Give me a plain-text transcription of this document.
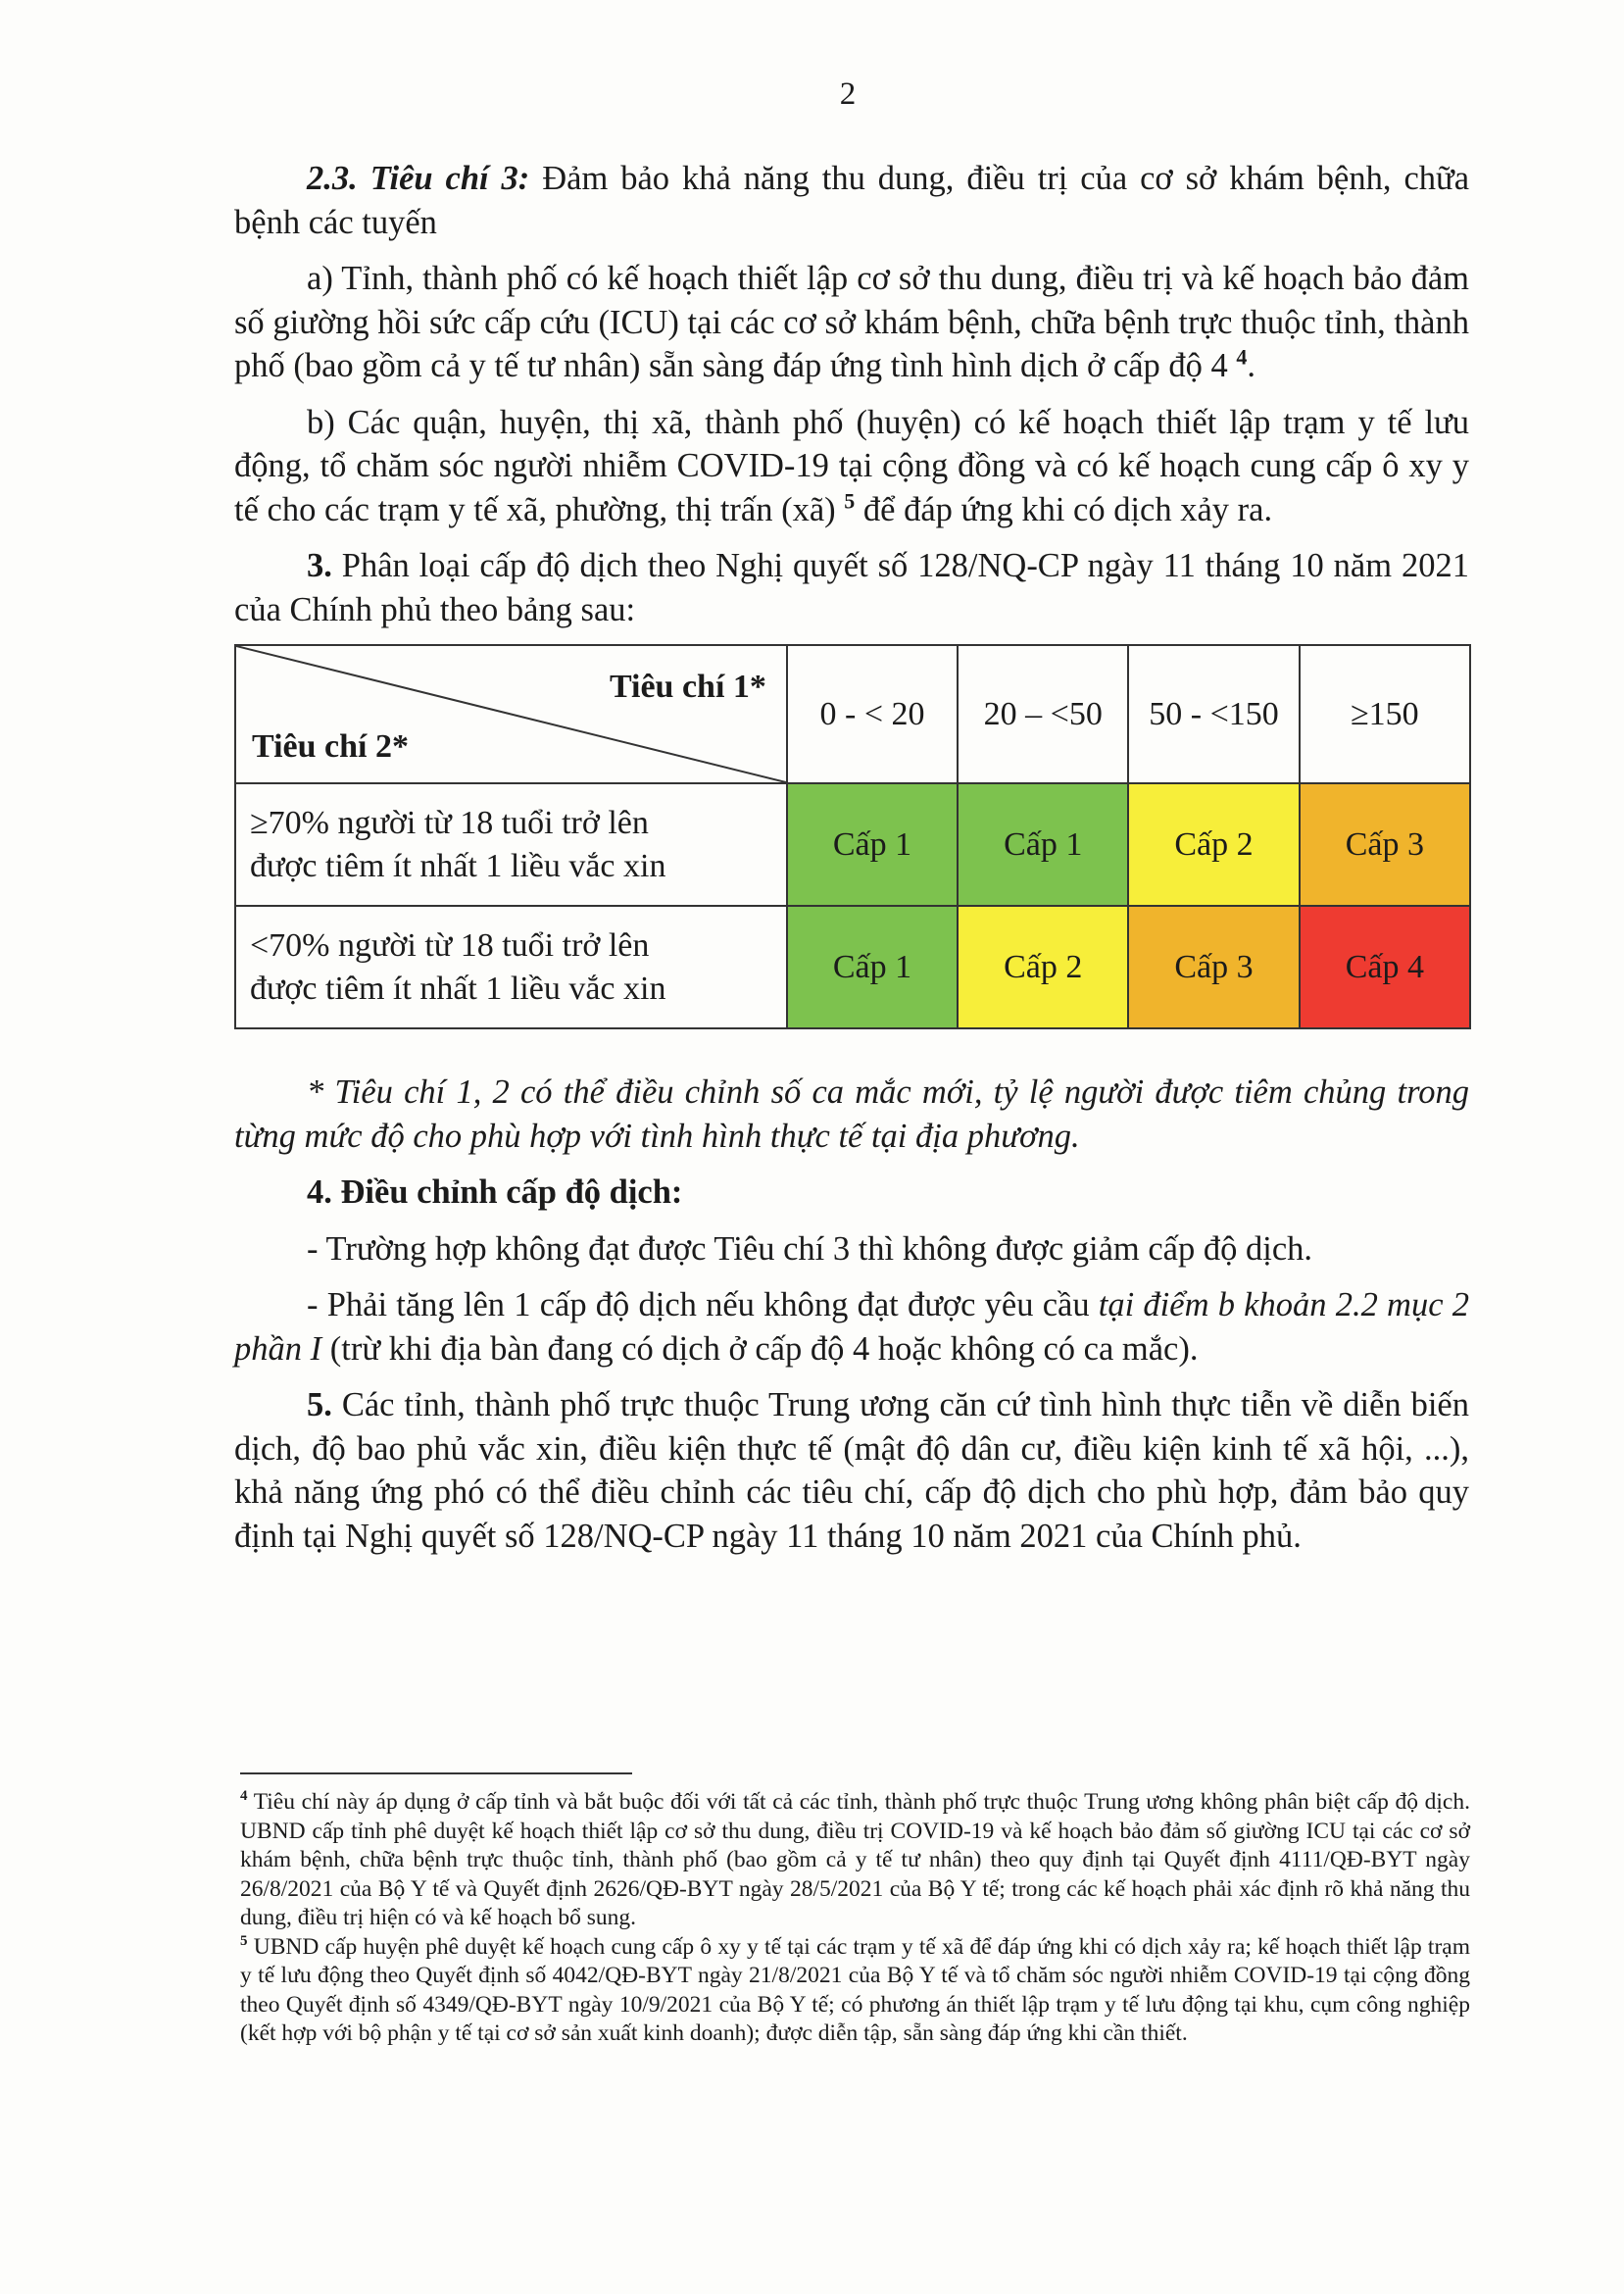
2

2.3. Tiêu chí 3: Đảm bảo khả năng thu dung, điều trị của cơ sở khám bệnh, chữa bệnh các tuyến

a) Tỉnh, thành phố có kế hoạch thiết lập cơ sở thu dung, điều trị và kế hoạch bảo đảm số giường hồi sức cấp cứu (ICU) tại các cơ sở khám bệnh, chữa bệnh trực thuộc tỉnh, thành phố (bao gồm cả y tế tư nhân) sẵn sàng đáp ứng tình hình dịch ở cấp độ 4 $^4$.

b) Các quận, huyện, thị xã, thành phố (huyện) có kế hoạch thiết lập trạm y tế lưu động, tổ chăm sóc người nhiễm COVID-19 tại cộng đồng và có kế hoạch cung cấp ô xy y tế cho các trạm y tế xã, phường, thị trấn (xã) $^5$ để đáp ứng khi có dịch xảy ra.

3. Phân loại cấp độ dịch theo Nghị quyết số 128/NQ-CP ngày 11 tháng 10 năm 2021 của Chính phủ theo bảng sau:

Tiêu chí 1*
Tiêu chí 2*	0 - < 20	20 – <50	50 - <150	≥150

≥70% người từ 18 tuổi trở lên
được tiêm ít nhất 1 liều vắc xin	Cấp 1	Cấp 1	Cấp 2	Cấp 3

<70% người từ 18 tuổi trở lên
được tiêm ít nhất 1 liều vắc xin	Cấp 1	Cấp 2	Cấp 3	Cấp 4

* Tiêu chí 1, 2 có thể điều chỉnh số ca mắc mới, tỷ lệ người được tiêm chủng trong từng mức độ cho phù hợp với tình hình thực tế tại địa phương.

4. Điều chỉnh cấp độ dịch:

- Trường hợp không đạt được Tiêu chí 3 thì không được giảm cấp độ dịch.

- Phải tăng lên 1 cấp độ dịch nếu không đạt được yêu cầu tại điểm b khoản 2.2 mục 2 phần I (trừ khi địa bàn đang có dịch ở cấp độ 4 hoặc không có ca mắc).

5. Các tỉnh, thành phố trực thuộc Trung ương căn cứ tình hình thực tiễn về diễn biến dịch, độ bao phủ vắc xin, điều kiện thực tế (mật độ dân cư, điều kiện kinh tế xã hội, ...), khả năng ứng phó có thể điều chỉnh các tiêu chí, cấp độ dịch cho phù hợp, đảm bảo quy định tại Nghị quyết số 128/NQ-CP ngày 11 tháng 10 năm 2021 của Chính phủ.

$^4$ Tiêu chí này áp dụng ở cấp tỉnh và bắt buộc đối với tất cả các tỉnh, thành phố trực thuộc Trung ương không phân biệt cấp độ dịch. UBND cấp tỉnh phê duyệt kế hoạch thiết lập cơ sở thu dung, điều trị COVID-19 và kế hoạch bảo đảm số giường ICU tại các cơ sở khám bệnh, chữa bệnh trực thuộc tỉnh, thành phố (bao gồm cả y tế tư nhân) theo quy định tại Quyết định 4111/QĐ-BYT ngày 26/8/2021 của Bộ Y tế và Quyết định 2626/QĐ-BYT ngày 28/5/2021 của Bộ Y tế; trong các kế hoạch phải xác định rõ khả năng thu dung, điều trị hiện có và kế hoạch bổ sung.

$^5$ UBND cấp huyện phê duyệt kế hoạch cung cấp ô xy y tế tại các trạm y tế xã để đáp ứng khi có dịch xảy ra; kế hoạch thiết lập trạm y tế lưu động theo Quyết định số 4042/QĐ-BYT ngày 21/8/2021 của Bộ Y tế và tổ chăm sóc người nhiễm COVID-19 tại cộng đồng theo Quyết định số 4349/QĐ-BYT ngày 10/9/2021 của Bộ Y tế; có phương án thiết lập trạm y tế lưu động tại khu, cụm công nghiệp (kết hợp với bộ phận y tế tại cơ sở sản xuất kinh doanh); được diễn tập, sẵn sàng đáp ứng khi cần thiết.
